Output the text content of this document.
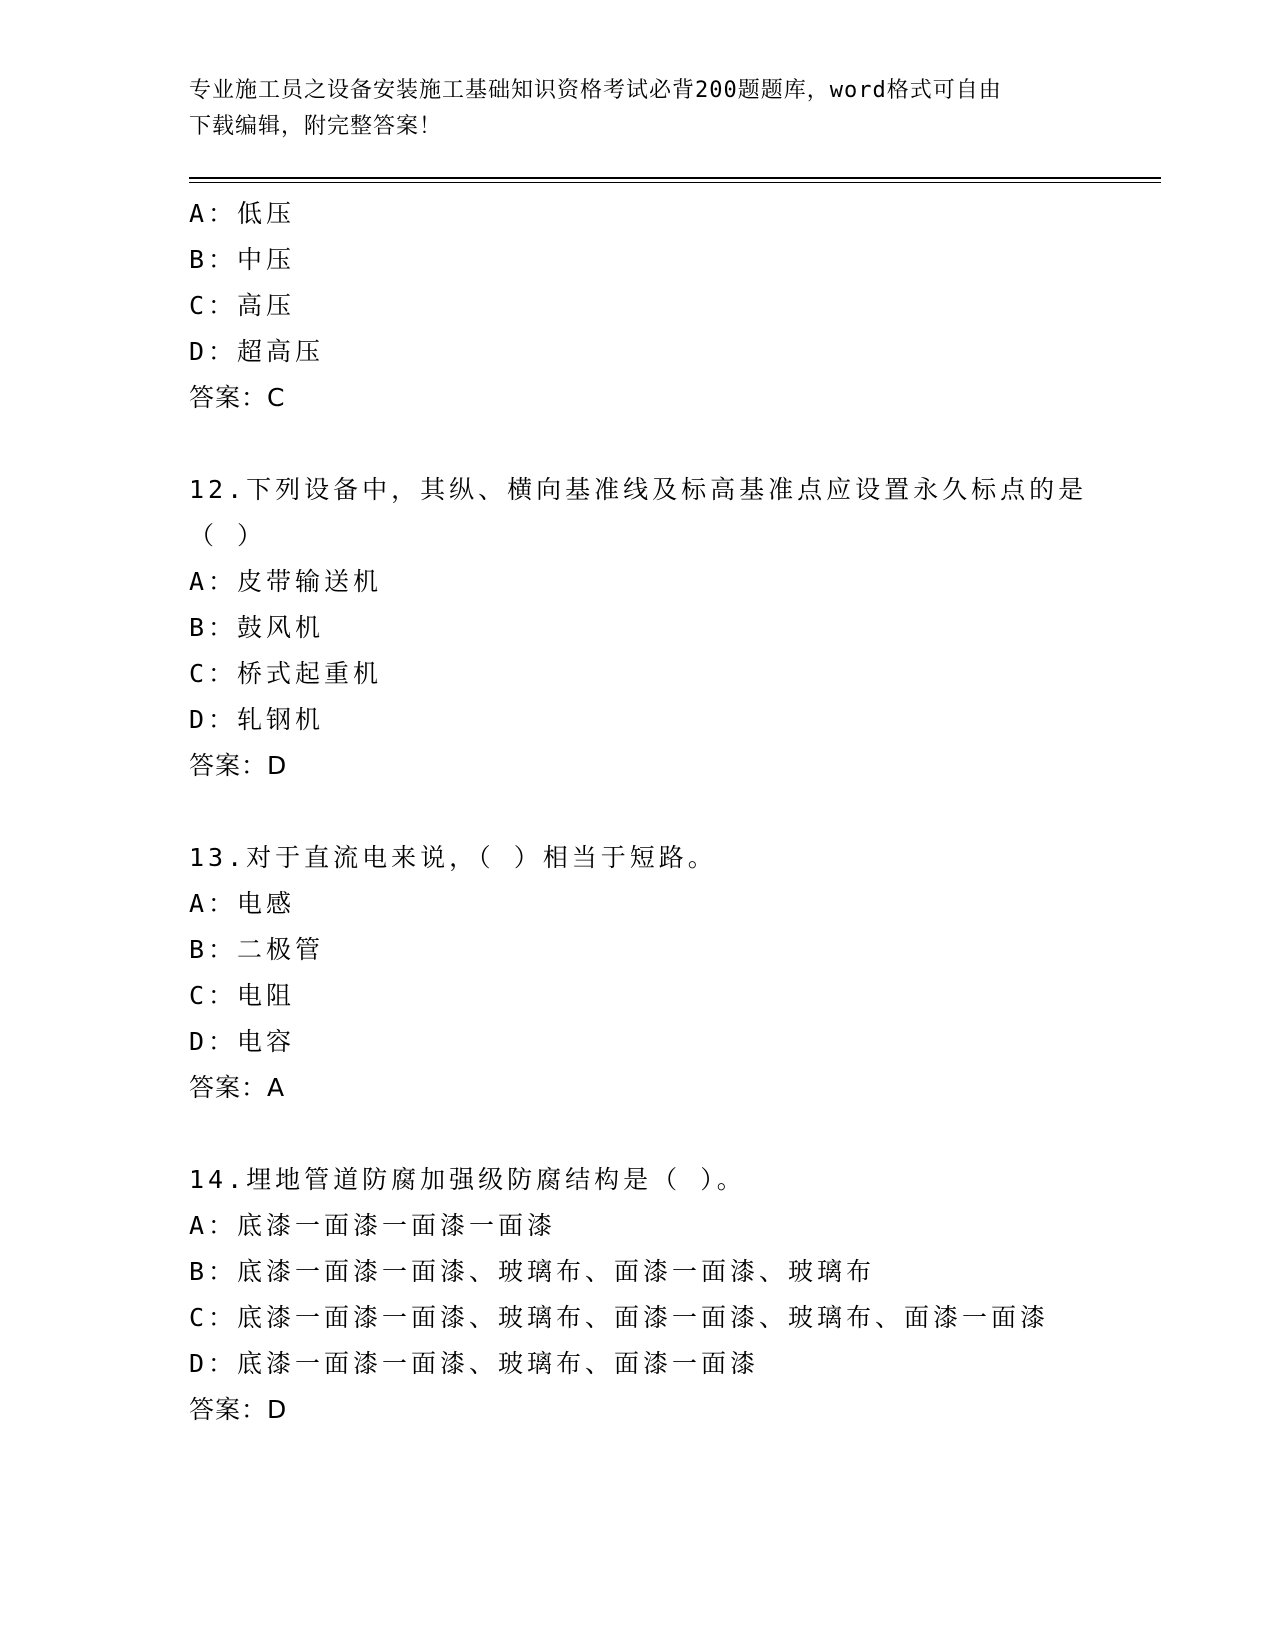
专业施工员之设备安装施工基础知识资格考试必背200题题库，word格式可自由
下载编辑，附完整答案！
A：低压
B：中压
C：高压
D：超高压
答案：C
12.下列设备中，其纵、横向基准线及标高基准点应设置永久标点的是
（ ）
A：皮带输送机
B：鼓风机
C：桥式起重机
D：轧钢机
答案：D
13.对于直流电来说，（ ）相当于短路。
A：电感
B：二极管
C：电阻
D：电容
答案：A
14.埋地管道防腐加强级防腐结构是（ ）。
A：底漆一面漆一面漆一面漆
B：底漆一面漆一面漆、玻璃布、面漆一面漆、玻璃布
C：底漆一面漆一面漆、玻璃布、面漆一面漆、玻璃布、面漆一面漆
D：底漆一面漆一面漆、玻璃布、面漆一面漆
答案：D
